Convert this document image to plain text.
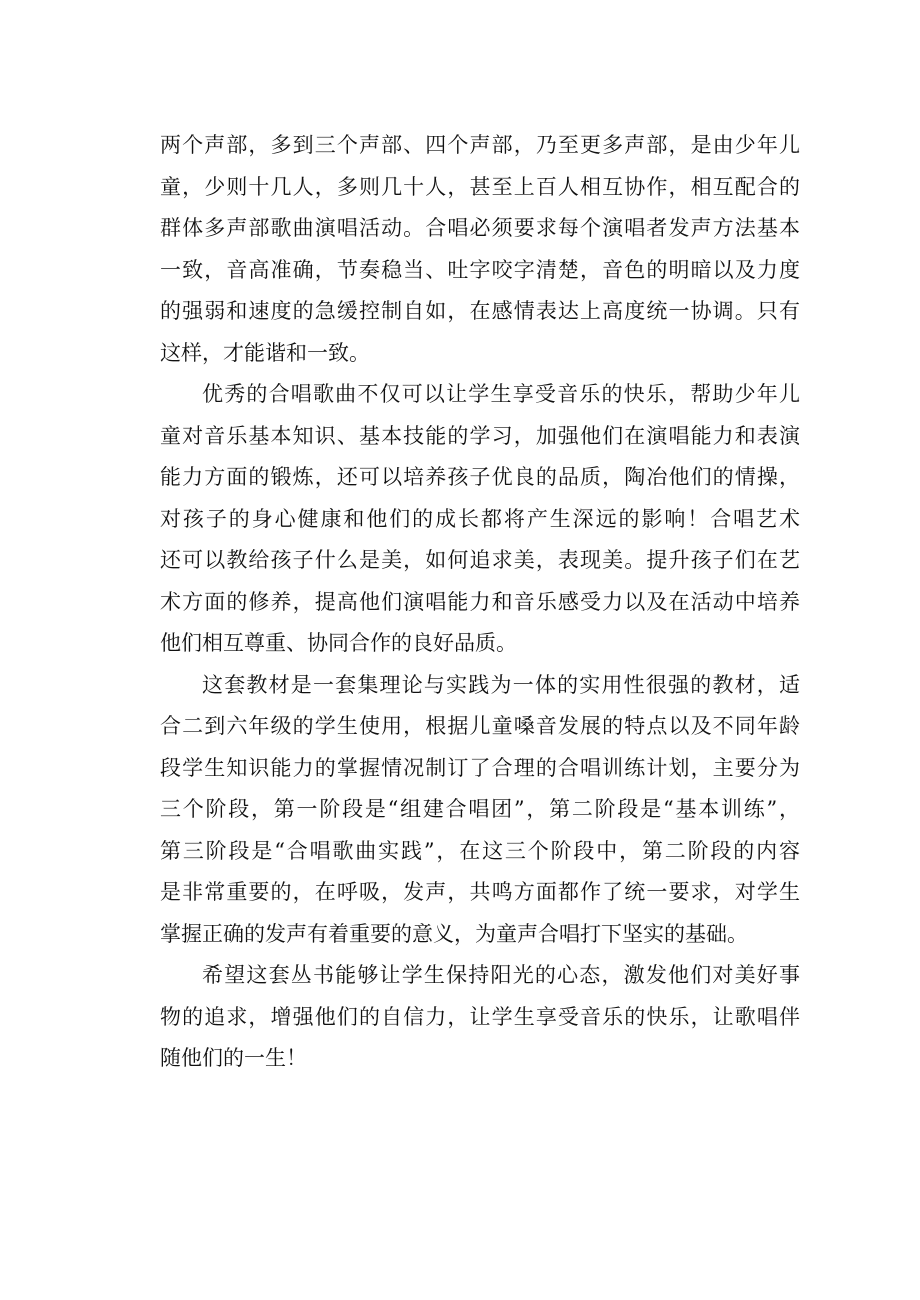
两个声部，多到三个声部、四个声部，乃至更多声部，是由少年儿
童，少则十几人，多则几十人，甚至上百人相互协作，相互配合的
群体多声部歌曲演唱活动。合唱必须要求每个演唱者发声方法基本
一致，音高准确，节奏稳当、吐字咬字清楚，音色的明暗以及力度
的强弱和速度的急缓控制自如，在感情表达上高度统一协调。只有
这样，才能谐和一致。
优秀的合唱歌曲不仅可以让学生享受音乐的快乐，帮助少年儿
童对音乐基本知识、基本技能的学习，加强他们在演唱能力和表演
能力方面的锻炼，还可以培养孩子优良的品质，陶冶他们的情操，
对孩子的身心健康和他们的成长都将产生深远的影响！合唱艺术
还可以教给孩子什么是美，如何追求美，表现美。提升孩子们在艺
术方面的修养，提高他们演唱能力和音乐感受力以及在活动中培养
他们相互尊重、协同合作的良好品质。
这套教材是一套集理论与实践为一体的实用性很强的教材，适
合二到六年级的学生使用，根据儿童嗓音发展的特点以及不同年龄
段学生知识能力的掌握情况制订了合理的合唱训练计划，主要分为
三个阶段，第一阶段是“组建合唱团”，第二阶段是“基本训练”，
第三阶段是“合唱歌曲实践”，在这三个阶段中，第二阶段的内容
是非常重要的，在呼吸，发声，共鸣方面都作了统一要求，对学生
掌握正确的发声有着重要的意义，为童声合唱打下坚实的基础。
希望这套丛书能够让学生保持阳光的心态，激发他们对美好事
物的追求，增强他们的自信力，让学生享受音乐的快乐，让歌唱伴
随他们的一生！
